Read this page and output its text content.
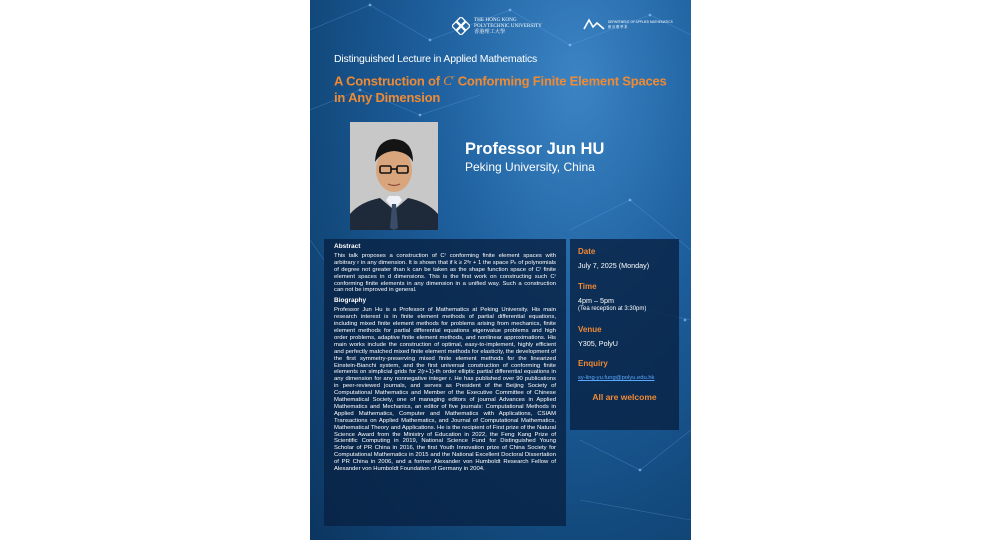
THE HONG KONG
POLYTECHNIC UNIVERSITY
香港理工大學
DEPARTMENT OF APPLIED MATHEMATICS
應 用 數 學 系
Distinguished Lecture in Applied Mathematics
A Construction of $C^r$ Conforming Finite Element Spaces in Any Dimension
Professor Jun HU
Peking University, China
Abstract

This talk proposes a construction of Cʳ conforming finite element spaces with arbitrary r in any dimension. It is shown that if k ≥ 2ᵈr + 1 the space Pₖ of polynomials of degree not greater than k can be taken as the shape function space of Cʳ finite element spaces in d dimensions. This is the first work on constructing such Cʳ conforming finite elements in any dimension in a unified way. Such a construction can not be improved in general.

Biography

Professor Jun Hu is a Professor of Mathematics at Peking University. His main research interest is in finite element methods of partial differential equations, including mixed finite element methods for problems arising from mechanics, finite element methods for partial differential equations eigenvalue problems and high order problems, adaptive finite element methods, and nonlinear approximations. His main works include the construction of optimal, easy-to-implement, highly efficient and perfectly matched mixed finite element methods for elasticity, the development of the first symmetry-preserving mixed finite element methods for the linearized Einstein-Bianchi system, and the first universal construction of conforming finite elements on simplicial grids for 2(r+1)-th order elliptic partial differential equations in any dimension for any nonnegative integer r. He has published over 90 publications in peer-reviewed journals, and serves as President of the Beijing Society of Computational Mathematics and Member of the Executive Committee of Chinese Mathematical Society, one of managing editors of journal Advances in Applied Mathematics and Mechanics, an editor of five journals: Computational Methods in Applied Mathematics, Computer and Mathematics with Applications, CSIAM Transactions on Applied Mathematics, and Journal of Computational Mathematics, Mathematical Theory and Applications. He is the recipient of First prize of the Natural Science Award from the Ministry of Education in 2022, the Feng Kang Prize of Scientific Computing in 2019, National Science Fund for Distinguished Young Scholar of PR China in 2016, the first Youth Innovation prize of China Society for Computational Mathematics in 2015 and the National Excellent Doctoral Dissertation of PR China in 2006, and a former Alexander von Humboldt Research Fellow of Alexander von Humboldt Foundation of Germany in 2004.

Date
July 7, 2025 (Monday)
Time
4pm – 5pm
(Tea reception at 3:30pm)
Venue
Y305, PolyU
Enquiry
sy-ling-yu.fung@polyu.edu.hk
All are welcome
